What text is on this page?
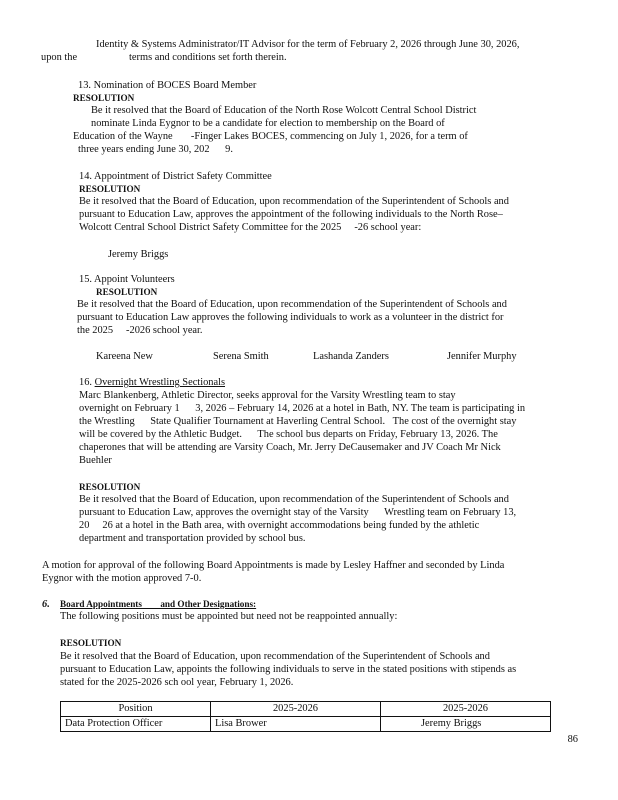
Identity & Systems Administrator/IT Advisor for the term of February 2, 2026 through June 30, 2026,
upon the                    terms and conditions set forth therein.
13. Nomination of BOCES Board Member
RESOLUTION
Be it resolved that the Board of Education of the North Rose Wolcott Central School District
nominate Linda Eygnor to be a candidate for election to membership on the Board of
Education of the Wayne       -Finger Lakes BOCES, commencing on July 1, 2026, for a term of
three years ending June 30, 202      9.
14. Appointment of District Safety Committee
RESOLUTION
Be it resolved that the Board of Education, upon recommendation of the Superintendent of Schools and
pursuant to Education Law, approves the appointment of the following individuals to the North Rose–
Wolcott Central School District Safety Committee for the 2025     -26 school year:
Jeremy Briggs
15. Appoint Volunteers
RESOLUTION
Be it resolved that the Board of Education, upon recommendation of the Superintendent of Schools and
pursuant to Education Law approves the following individuals to work as a volunteer in the district for
the 2025     -2026 school year.
Kareena New	Serena Smith	Lashanda Zanders	Jennifer Murphy
16. Overnight Wrestling Sectionals
Marc Blankenberg, Athletic Director, seeks approval for the Varsity Wrestling team to stay
overnight on February 1      3, 2026 – February 14, 2026 at a hotel in Bath, NY. The team is participating in
the Wrestling      State Qualifier Tournament at Haverling Central School.   The cost of the overnight stay
will be covered by the Athletic Budget.      The school bus departs on Friday, February 13, 2026. The
chaperones that will be attending are Varsity Coach, Mr. Jerry DeCausemaker and JV Coach Mr Nick
Buehler
RESOLUTION
Be it resolved that the Board of Education, upon recommendation of the Superintendent of Schools and
pursuant to Education Law, approves the overnight stay of the Varsity      Wrestling team on February 13,
20     26 at a hotel in the Bath area, with overnight accommodations being funded by the athletic
department and transportation provided by school bus.
A motion for approval of the following Board Appointments is made by Lesley Haffner and seconded by Linda
Eygnor with the motion approved 7-0.
6. Board Appointments        and Other Designations:
The following positions must be appointed but need not be reappointed annually:
RESOLUTION
Be it resolved that the Board of Education, upon recommendation of the Superintendent of Schools and
pursuant to Education Law, appoints the following individuals to serve in the stated positions with stipends as
stated for the 2025-2026 sch ool year, February 1, 2026.
Position	2025-2026	2025-2026
Data Protection Officer	Lisa Brower	Jeremy Briggs
86
